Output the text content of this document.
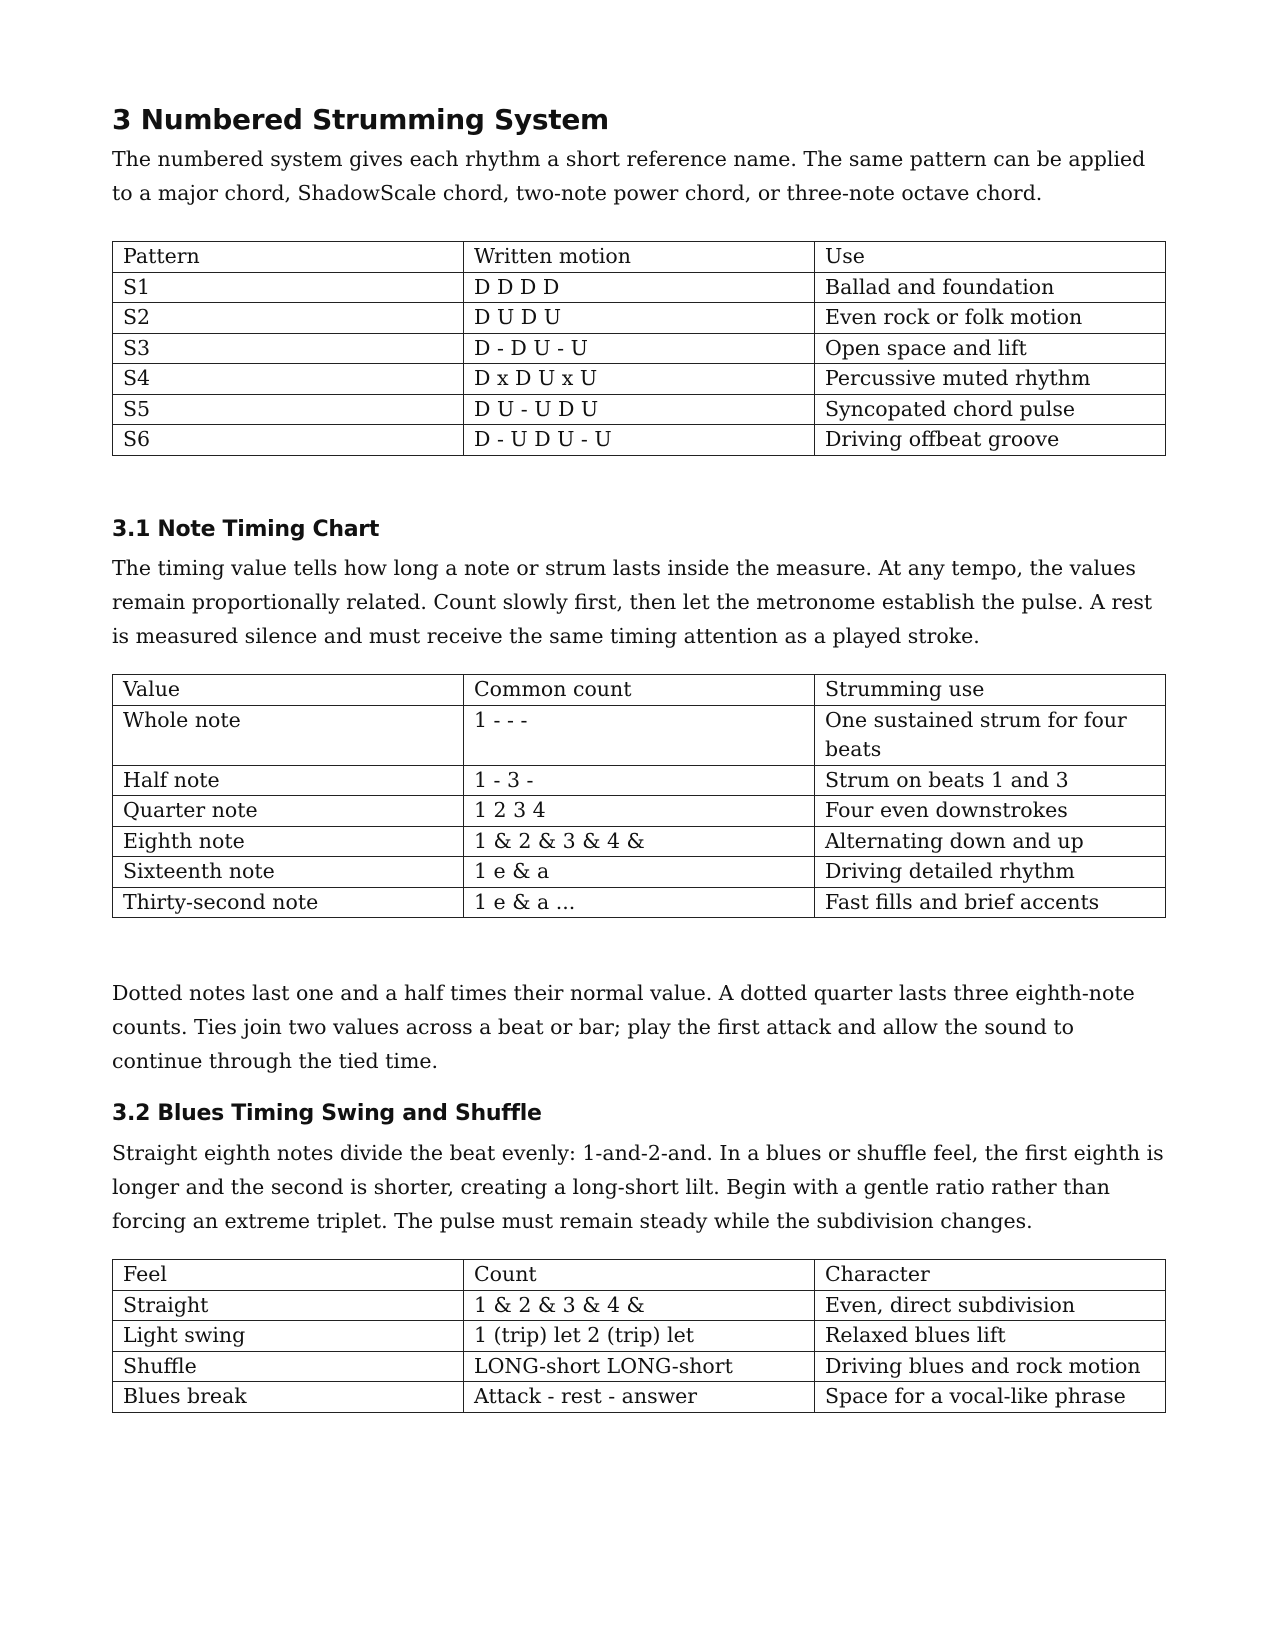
3 Numbered Strumming System

The numbered system gives each rhythm a short reference name. The same pattern can be applied to a major chord, ShadowScale chord, two-note power chord, or three-note octave chord.

Pattern	Written motion	Use
S1	D D D D	Ballad and foundation
S2	D U D U	Even rock or folk motion
S3	D - D U - U	Open space and lift
S4	D x D U x U	Percussive muted rhythm
S5	D U - U D U	Syncopated chord pulse
S6	D - U D U - U	Driving offbeat groove
3.1 Note Timing Chart

The timing value tells how long a note or strum lasts inside the measure. At any tempo, the values remain proportionally related. Count slowly first, then let the metronome establish the pulse. A rest is measured silence and must receive the same timing attention as a played stroke.

Value	Common count	Strumming use
Whole note	1 - - -	One sustained strum for four beats
Half note	1 - 3 -	Strum on beats 1 and 3
Quarter note	1 2 3 4	Four even downstrokes
Eighth note	1 & 2 & 3 & 4 &	Alternating down and up
Sixteenth note	1 e & a	Driving detailed rhythm
Thirty-second note	1 e & a ...	Fast fills and brief accents

Dotted notes last one and a half times their normal value. A dotted quarter lasts three eighth-note counts. Ties join two values across a beat or bar; play the first attack and allow the sound to continue through the tied time.

3.2 Blues Timing Swing and Shuffle

Straight eighth notes divide the beat evenly: 1-and-2-and. In a blues or shuffle feel, the first eighth is longer and the second is shorter, creating a long-short lilt. Begin with a gentle ratio rather than forcing an extreme triplet. The pulse must remain steady while the subdivision changes.

Feel	Count	Character
Straight	1 & 2 & 3 & 4 &	Even, direct subdivision
Light swing	1 (trip) let 2 (trip) let	Relaxed blues lift
Shuffle	LONG-short LONG-short	Driving blues and rock motion
Blues break	Attack - rest - answer	Space for a vocal-like phrase
